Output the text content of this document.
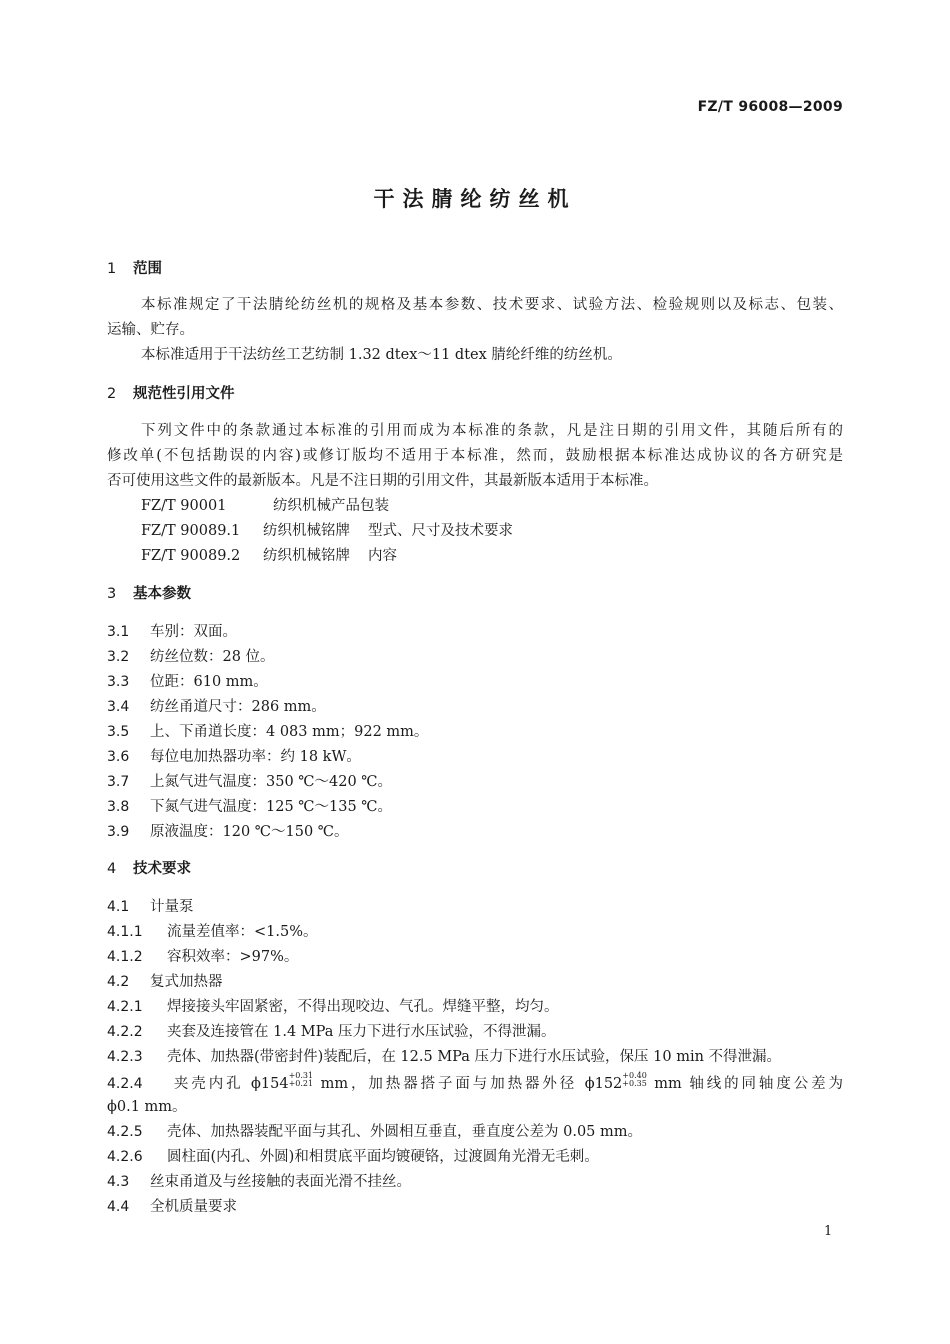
FZ/T 96008—2009
干法腈纶纺丝机
1 范围
本标准规定了干法腈纶纺丝机的规格及基本参数、技术要求、试验方法、检验规则以及标志、包装、
运输、贮存。
本标准适用于干法纺丝工艺纺制 1.32 dtex～11 dtex 腈纶纤维的纺丝机。
2 规范性引用文件
下列文件中的条款通过本标准的引用而成为本标准的条款，凡是注日期的引用文件，其随后所有的
修改单(不包括勘误的内容)或修订版均不适用于本标准，然而，鼓励根据本标准达成协议的各方研究是
否可使用这些文件的最新版本。凡是不注日期的引用文件，其最新版本适用于本标准。
FZ/T 90001	纺织机械产品包装
FZ/T 90089.1 纺织机械铭牌 型式、尺寸及技术要求
FZ/T 90089.2 纺织机械铭牌 内容
3 基本参数
3.1 车别：双面。
3.2 纺丝位数：28 位。
3.3 位距：610 mm。
3.4 纺丝甬道尺寸：286 mm。
3.5 上、下甬道长度：4 083 mm；922 mm。
3.6 每位电加热器功率：约 18 kW。
3.7 上氮气进气温度：350 ℃～420 ℃。
3.8 下氮气进气温度：125 ℃～135 ℃。
3.9 原液温度：120 ℃～150 ℃。
4 技术要求
4.1 计量泵
4.1.1 流量差值率：<1.5%。
4.1.2 容积效率：>97%。
4.2 复式加热器
4.2.1 焊接接头牢固紧密，不得出现咬边、气孔。焊缝平整，均匀。
4.2.2 夹套及连接管在 1.4 MPa 压力下进行水压试验，不得泄漏。
4.2.3 壳体、加热器(带密封件)装配后，在 12.5 MPa 压力下进行水压试验，保压 10 min 不得泄漏。
4.2.4 夹壳内孔 ϕ154
$^{+0.31 +0.21}$ mm，加热器搭子面与加热器外径 ϕ152
$^{+0.40 +0.35}$ mm 轴线的同轴度公差为
ϕ0.1 mm。
4.2.5 壳体、加热器装配平面与其孔、外圆相互垂直，垂直度公差为 0.05 mm。
4.2.6 圆柱面(内孔、外圆)和相贯底平面均镀硬铬，过渡圆角光滑无毛刺。
4.3 丝束甬道及与丝接触的表面光滑不挂丝。
4.4 全机质量要求
1
